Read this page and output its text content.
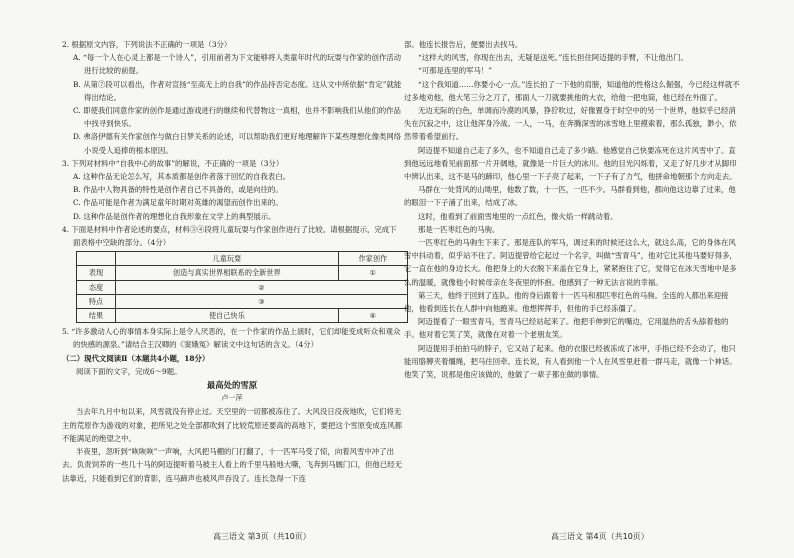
2. 根据原文内容，下列说法不正确的一项是（3分）

A. “每一个人在心灵上都是一个诗人”，引用前者为下文能够将人类童年时代的玩耍与作家的创作活动进行比较的前提。

B. 从第⑦段可以看出，作者对宣扬“至高无上的自我”的作品持否定态度。这从文中所依据“肯定”就能得出结论。

C. 即使我们同意作家的创作是通过游戏进行的继续和代替物这一真相，也并不影响我们从他们的作品中找寻到快乐。

D. 弗洛伊德有关作家创作与做白日梦关系的论述，可以帮助我们更好地理解许下某些理想化像类网络小说受人追捧的根本原因。

3. 下列对材料中“自我中心的故事”的解说，不正确的一项是（3分）

A. 这种作品无论怎么写，其本质都是创作者落于回忆的自我表白。

B. 作品中人物具备的特性是创作者自己不具备的，或是向往的。

C. 作品可能是作者为满足童年时期对英雄的渴望而创作出来的。

D. 这种作品是创作者的理想化自我形象在文学上的典型展示。

4. 下面是材料中作者论述的要点，材料③④段将儿童玩耍与作家创作进行了比较。请根据提示，完成下面表格中空缺的部分。（4分）

	儿童玩耍	作家创作
表现	创造与真实世界相联系的全新世界	①
态度	②	
特点	③	
结果	使自己快乐	④

5. “许多激动人心的事情本身实际上是令人厌恶的，在一个作家的作品上演时，它们却能变成听众和观众的快感的源泉。”请结合王汉卿的《窦娥冤》解读文中这句话的含义。（4分）

（二）现代文阅读Ⅱ（本题共4小题，18分）

阅读下面的文字，完成6～9题。

最高处的雪原

卢一萍

当去年九月中旬以来，风雪就没有停止过。天空里的一切都被冻住了。大风没日没夜地吹，它们将无主的荒原作为游戏的对象，把所见之处全部都吹到了比较荒原还要高的高地下，要把这个雪原变成连风都不能满足的绝望之中。

半夜里，忽听到“咴咴咴”一声响，大风把马棚的门打翻了，十一匹军马受了惊，向着风雪中冲了出去。负责饲养的一些几十马的阿迈提听着马被主人看上的千里马般地大嘶，飞奔到马厩门口，但他已经无法靠近，只能看到它们的背影，连马蹄声也被风声吞没了。连长急得一下连

部。他连长报告后，便要出去找马。

“这样大的风雪，你现在出去，无疑是送死。”连长担住阿迈提的手臂，不让他出门。

“可那是连里的军马！”

“这个我知道……你要小心一点。”连长拍了一下他的肩膀，知道他的性格这么倔强，今已经这样就不过多地劝他，他大笔三分之刀了，那面人一刀就要挑他的大衣，给他一把电筒，他已经在外面了。

无边无际的白色，单调而冷漠的风暴，狰狞吹过，好像置身于时空中的另一个世界，他似乎已经消失在沉寂之中，这让他浑身冷战。一人，一马，在奔腾深雪的冰雪地上里摸索着，那么孤独，渺小，依然带着希望前行。

阿迈提不知道自己走了多久，也不知道自己走了多少路。他感觉自己快要冻死在这片风雪中了。直到他远远地看见前面那一片开阔地，就像是一片巨大的冰川。他的目光闪烁着，又走了好几步才从脚印中辨认出来，这不是马的蹄印，他心里一下子亮了起来，一下子有了力气，他拼命地朝那个方向走去。

马群在一处背风的山坳里，他数了数，十一匹，一匹不少。马群看到他，都向他这边靠了过来，他的眼泪一下子涌了出来，结成了冰。

这时，他看到了前面雪地里的一点红色，像火焰一样跳动着。

那是一匹枣红色的马驹。

一匹枣红色的马驹生下来了。那是连队的军马，调过来的时候还这么大，就这么高，它的身体在风雪中抖动着，似乎站不住了。阿迈提曾给它起过一个名字，叫做“雪青马”，他对它比其他马要好得多，它一直在他的身边长大。他把身上的大衣脱下来盖在它身上，紧紧抱住了它，觉得它在冰天雪地中是多么的温暖，就像他小时候母亲在冬夜里的怀抱。他感到了一种无法言说的幸福。

第三天，他终于回到了连队。他的身后跟着十一匹马和那匹枣红色的马驹。全连的人都出来迎接他，他看到连长在人群中向他跑来。他想挥挥手，但他的手已经冻僵了。

阿迈提看了一眼雪青马，雪青马已经站起来了。他把手伸到它的嘴边，它用温热的舌头舔着他的手。他对着它笑了笑，就像在对着一个老朋友笑。

阿迈提用手拍拍马的脖子，它又站了起来。他的衣服已经被冻成了冰甲，手指已经不会动了，他只能用胳膊夹着缰绳，把马往回牵。连长说，有人看到他一个人在风雪里赶着一群马走，就像一个神话。他笑了笑，说那是他应该做的，他做了一辈子都在做的事情。

高三语文 第3页（共10页）	高三语文 第4页（共10页）
